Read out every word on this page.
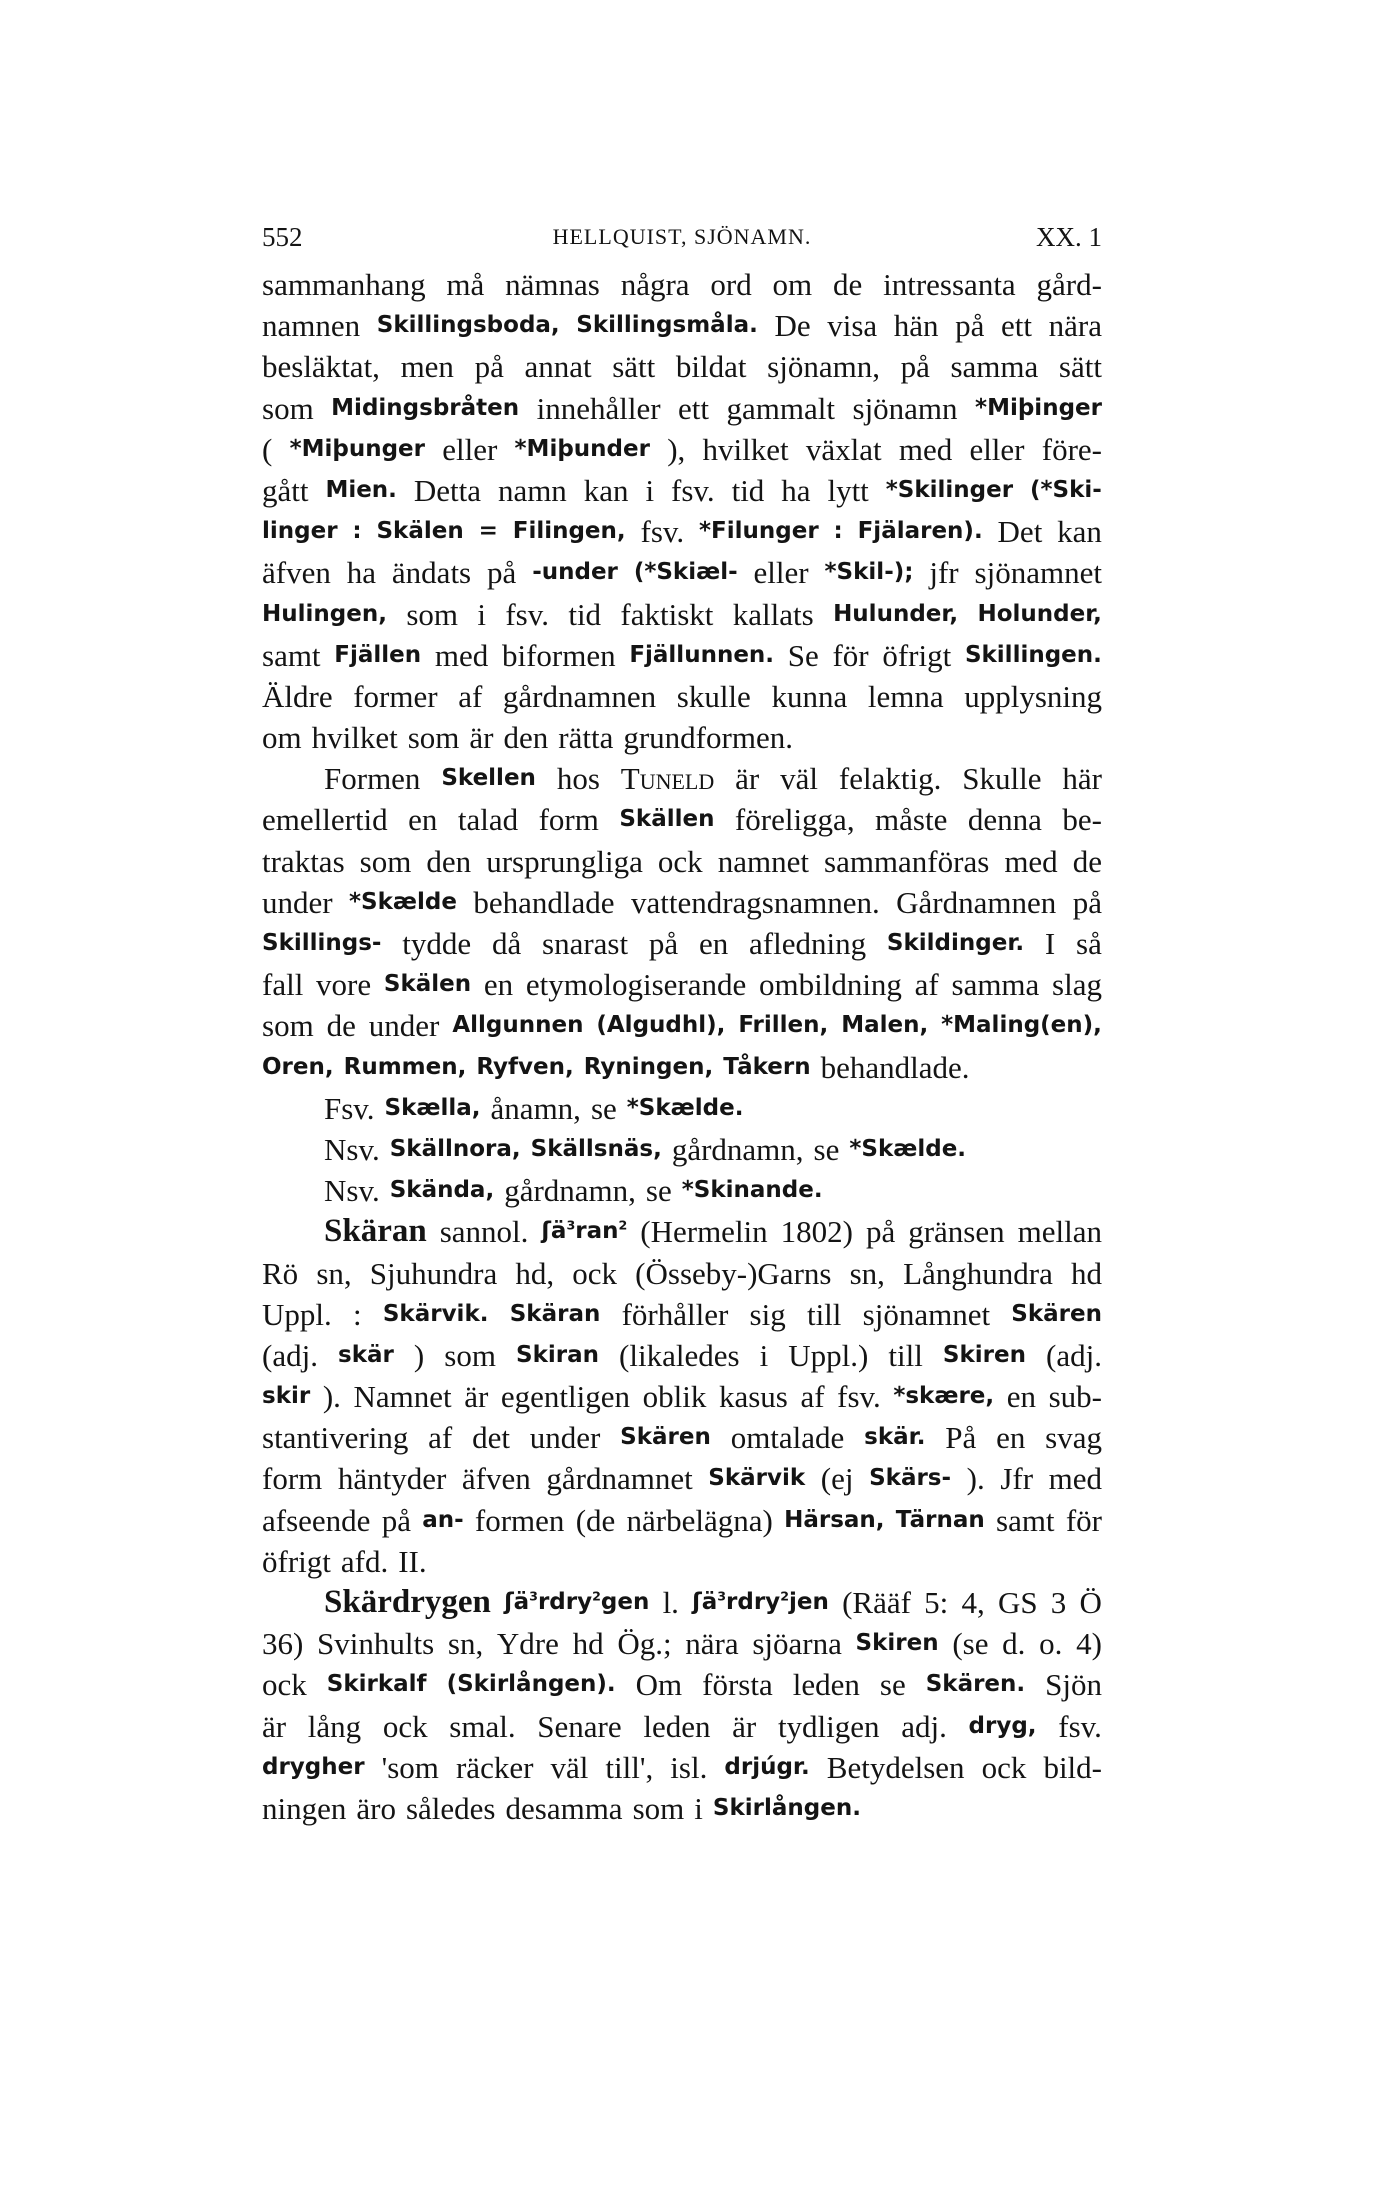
552	HELLQUIST, SJÖNAMN.	XX. 1
sammanhang må nämnas några ord om de intressanta gård-
namnen Skillingsboda, Skillingsmåla. De visa hän på ett nära
besläktat, men på annat sätt bildat sjönamn, på samma sätt
som Midingsbråten innehåller ett gammalt sjönamn *Miþinger
( *Miþunger eller *Miþunder ), hvilket växlat med eller före-
gått Mien. Detta namn kan i fsv. tid ha lytt *Skilinger (*Ski-
linger : Skälen = Filingen, fsv. *Filunger : Fjälaren). Det kan
äfven ha ändats på -under (*Skiæl- eller *Skil-); jfr sjönamnet
Hulingen, som i fsv. tid faktiskt kallats Hulunder, Holunder,
samt Fjällen med biformen Fjällunnen. Se för öfrigt Skillingen.
Äldre former af gårdnamnen skulle kunna lemna upplysning
om hvilket som är den rätta grundformen.
Formen Skellen hos Tuneld är väl felaktig. Skulle här
emellertid en talad form Skällen föreligga, måste denna be-
traktas som den ursprungliga ock namnet sammanföras med de
under *Skælde behandlade vattendragsnamnen. Gårdnamnen på
Skillings- tydde då snarast på en afledning Skildinger. I så
fall vore Skälen en etymologiserande ombildning af samma slag
som de under Allgunnen (Algudhl), Frillen, Malen, *Maling(en),
Oren, Rummen, Ryfven, Ryningen, Tåkern behandlade.
Fsv. Skælla, ånamn, se *Skælde.
Nsv. Skällnora, Skällsnäs, gårdnamn, se *Skælde.
Nsv. Skända, gårdnamn, se *Skinande.
Skäran sannol. ʃä$^3$ran$^2$ (Hermelin 1802) på gränsen mellan
Rö sn, Sjuhundra hd, ock (Össeby-)Garns sn, Långhundra hd
Uppl. : Skärvik. Skäran förhåller sig till sjönamnet Skären
(adj. skär ) som Skiran (likaledes i Uppl.) till Skiren (adj.
skir ). Namnet är egentligen oblik kasus af fsv. *skære, en sub-
stantivering af det under Skären omtalade skär. På en svag
form häntyder äfven gårdnamnet Skärvik (ej Skärs- ). Jfr med
afseende på an- formen (de närbelägna) Härsan, Tärnan samt för
öfrigt afd. II.
Skärdrygen ʃä$^3$rdry$^2$gen l. ʃä$^3$rdry$^2$jen (Rääf 5: 4, GS 3 Ö
36) Svinhults sn, Ydre hd Ög.; nära sjöarna Skiren (se d. o. 4)
ock Skirkalf (Skirlången). Om första leden se Skären. Sjön
är lång ock smal. Senare leden är tydligen adj. dryg, fsv.
drygher 'som räcker väl till', isl. drjúgr. Betydelsen ock bild-
ningen äro således desamma som i Skirlången.
